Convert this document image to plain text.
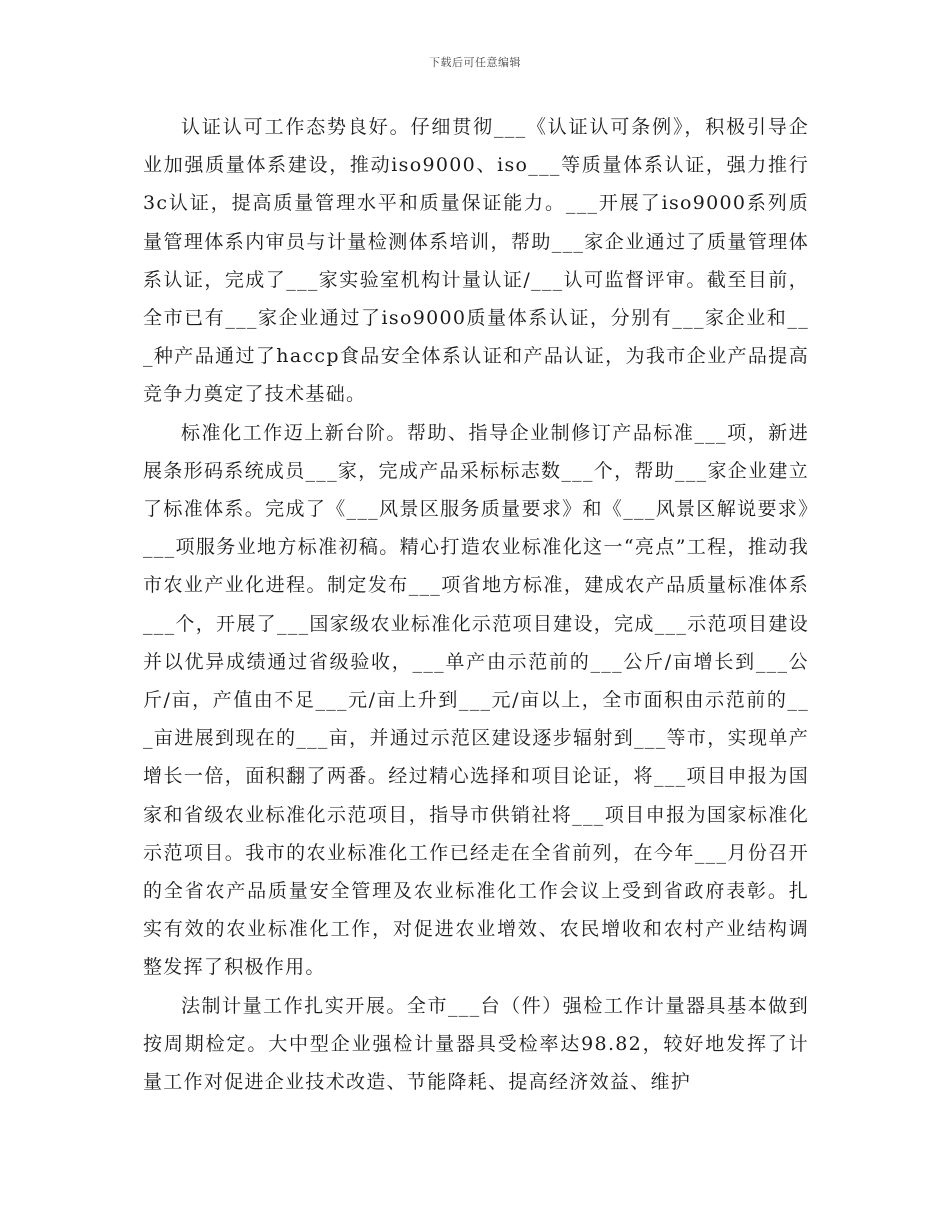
下载后可任意编辑

认证认可工作态势良好。仔细贯彻___《认证认可条例》，积极引导企业加强质量体系建设，推动iso9000、iso___等质量体系认证，强力推行3c认证，提高质量管理水平和质量保证能力。___开展了iso9000系列质量管理体系内审员与计量检测体系培训，帮助___家企业通过了质量管理体系认证，完成了___家实验室机构计量认证/___认可监督评审。截至目前，全市已有___家企业通过了iso9000质量体系认证，分别有___家企业和___种产品通过了haccp食品安全体系认证和产品认证，为我市企业产品提高竞争力奠定了技术基础。

标准化工作迈上新台阶。帮助、指导企业制修订产品标准___项，新进展条形码系统成员___家，完成产品采标标志数___个，帮助___家企业建立了标准体系。完成了《___风景区服务质量要求》和《___风景区解说要求》___项服务业地方标准初稿。精心打造农业标准化这一“亮点”工程，推动我市农业产业化进程。制定发布___项省地方标准，建成农产品质量标准体系___个，开展了___国家级农业标准化示范项目建设，完成___示范项目建设并以优异成绩通过省级验收，___单产由示范前的___公斤/亩增长到___公斤/亩，产值由不足___元/亩上升到___元/亩以上，全市面积由示范前的___亩进展到现在的___亩，并通过示范区建设逐步辐射到___等市，实现单产增长一倍，面积翻了两番。经过精心选择和项目论证，将___项目申报为国家和省级农业标准化示范项目，指导市供销社将___项目申报为国家标准化示范项目。我市的农业标准化工作已经走在全省前列，在今年___月份召开的全省农产品质量安全管理及农业标准化工作会议上受到省政府表彰。扎实有效的农业标准化工作，对促进农业增效、农民增收和农村产业结构调整发挥了积极作用。

法制计量工作扎实开展。全市___台（件）强检工作计量器具基本做到按周期检定。大中型企业强检计量器具受检率达98.82，较好地发挥了计量工作对促进企业技术改造、节能降耗、提高经济效益、维护
